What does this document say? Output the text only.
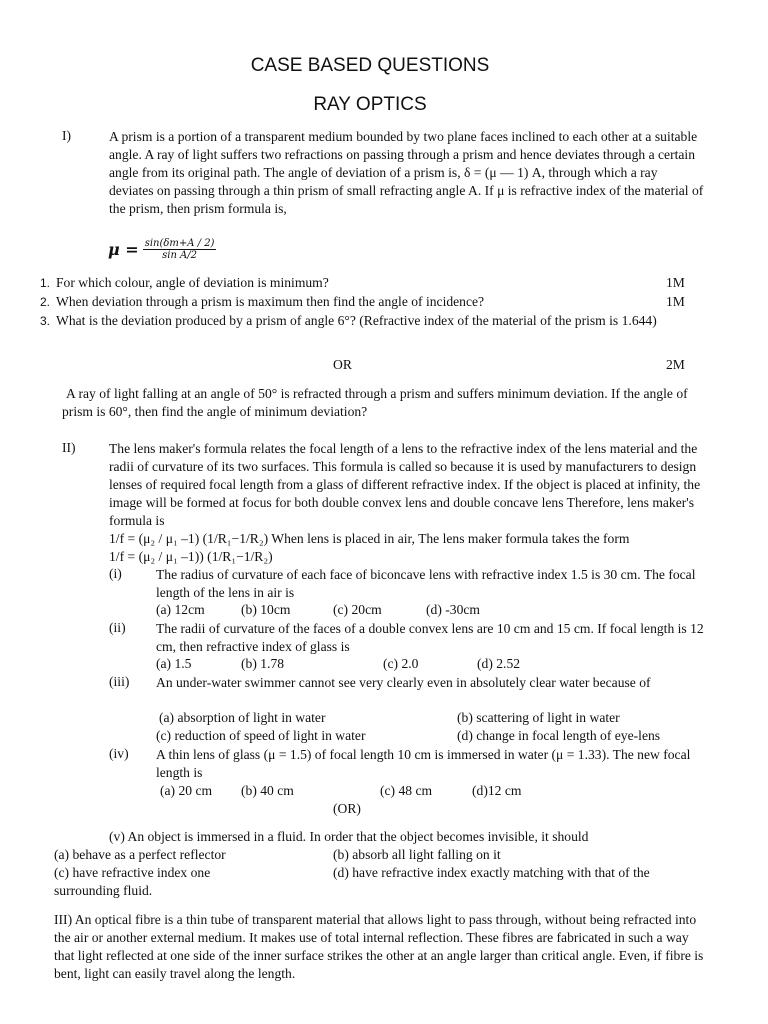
CASE BASED QUESTIONS
RAY OPTICS
I)	A prism is a portion of a transparent medium bounded by two plane faces inclined to each other at a suitable angle. A ray of light suffers two refractions on passing through a prism and hence deviates through a certain angle from its original path. The angle of deviation of a prism is, δ = (μ — 1) A, through which a ray deviates on passing through a thin prism of small refracting angle A. If μ is refractive index of the material of the prism, then prism formula is,
$\mu = \frac{\sin(\delta m+A / 2)}{\text{sin A/2}}$
1. For which colour, angle of deviation is minimum?	1M
2. When deviation through a prism is maximum then find the angle of incidence?	1M
3. What is the deviation produced by a prism of angle 6°? (Refractive index of the material of the prism is 1.644)
OR	2M
A ray of light falling at an angle of 50° is refracted through a prism and suffers minimum deviation. If the angle of prism is 60°, then find the angle of minimum deviation?
II) The lens maker's formula relates the focal length of a lens to the refractive index of the lens material and the radii of curvature of its two surfaces. This formula is called so because it is used by manufacturers to design lenses of required focal length from a glass of different refractive index. If the object is placed at infinity, the image will be formed at focus for both double convex lens and double concave lens Therefore, lens maker's formula is
1/f = (μ₂ / μ₁ –1) (1/R₁−1/R₂) When lens is placed in air, The lens maker formula takes the form
1/f = (μ₂ / μ₁ –1)) (1/R₁−1/R₂)
(i)	The radius of curvature of each face of biconcave lens with refractive index 1.5 is 30 cm. The focal length of the lens in air is
(a) 12cm	(b) 10cm	(c) 20cm	(d) -30cm
(ii) The radii of curvature of the faces of a double convex lens are 10 cm and 15 cm. If focal length is 12 cm, then refractive index of glass is
(a) 1.5	(b) 1.78	(c) 2.0	(d) 2.52
(iii) An under-water swimmer cannot see very clearly even in absolutely clear water because of
(a) absorption of light in water	(b) scattering of light in water
(c) reduction of speed of light in water	(d) change in focal length of eye-lens
(iv) A thin lens of glass (μ = 1.5) of focal length 10 cm is immersed in water (μ = 1.33). The new focal length is
(a) 20 cm (b) 40 cm	(c) 48 cm	(d)12 cm
(OR)
(v) An object is immersed in a fluid. In order that the object becomes invisible, it should
(a) behave as a perfect reflector	(b) absorb all light falling on it
(c) have refractive index one	(d) have refractive index exactly matching with that of the
surrounding fluid.
III) An optical fibre is a thin tube of transparent material that allows light to pass through, without being refracted into the air or another external medium. It makes use of total internal reflection. These fibres are fabricated in such a way that light reflected at one side of the inner surface strikes the other at an angle larger than critical angle. Even, if fibre is bent, light can easily travel along the length.
